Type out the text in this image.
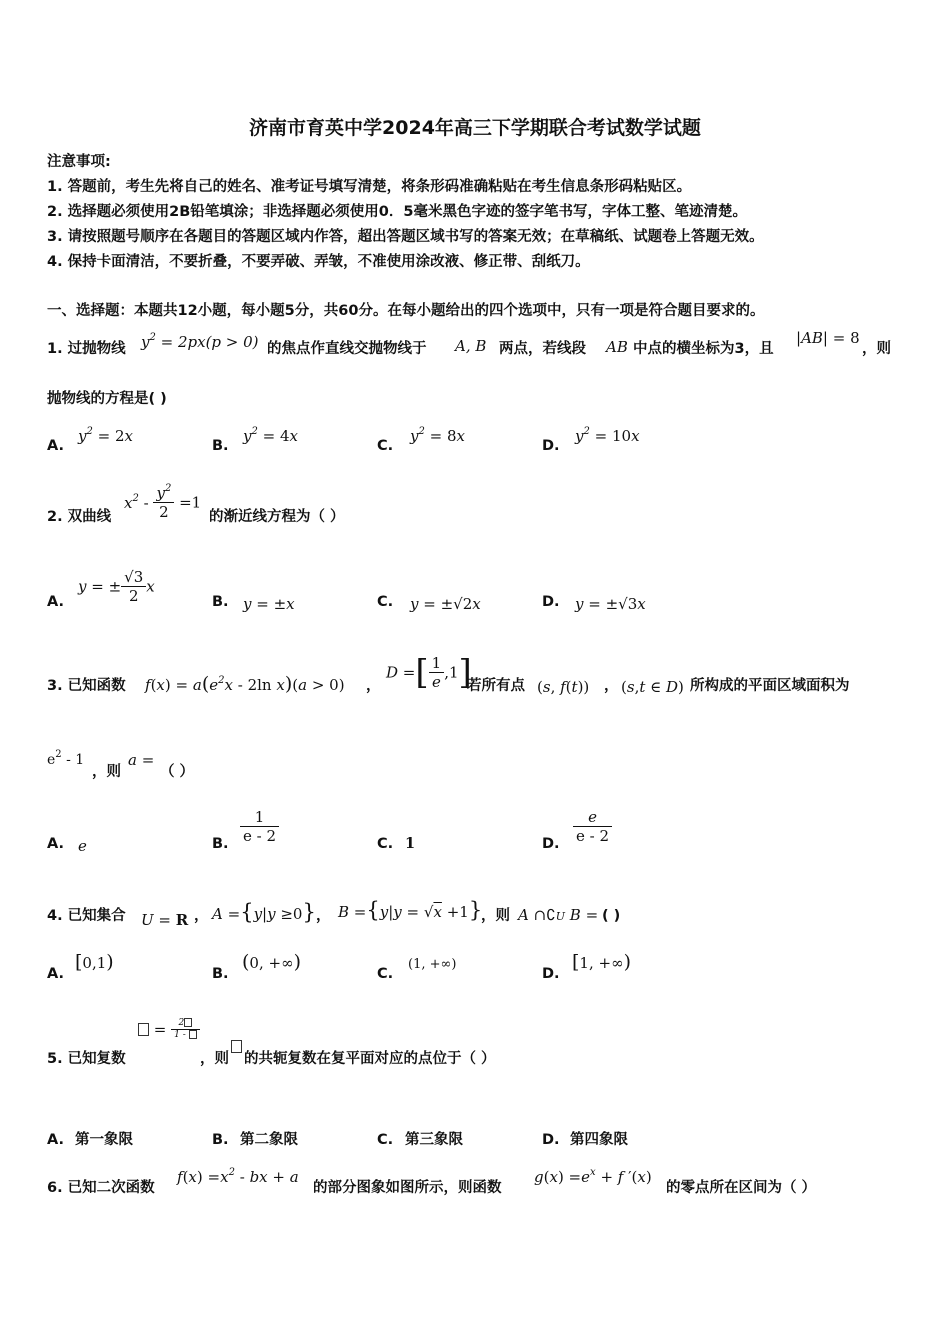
济南市育英中学2024年高三下学期联合考试数学试题
注意事项:
1. 答题前，考生先将自己的姓名、准考证号填写清楚，将条形码准确粘贴在考生信息条形码粘贴区。
2. 选择题必须使用2B铅笔填涂；非选择题必须使用0．5毫米黑色字迹的签字笔书写，字体工整、笔迹清楚。
3. 请按照题号顺序在各题目的答题区域内作答，超出答题区域书写的答案无效；在草稿纸、试题卷上答题无效。
4. 保持卡面清洁，不要折叠，不要弄破、弄皱，不准使用涂改液、修正带、刮纸刀。
一、选择题：本题共12小题，每小题5分，共60分。在每小题给出的四个选项中，只有一项是符合题目要求的。
1. 过抛物线 $y^2 = 2px(p > 0)$ 的焦点作直线交抛物线于 A, B 两点，若线段 AB 中点的横坐标为3，且
|AB| = 8
，则
抛物线的方程是( )
A.
$y^2 = 2x$
B.
$y^2 = 4x$
C.
$y^2 = 8x$
D.
$y^2 = 10x$
2. 双曲线
$x^2 - \frac{y^2}{2} =1$
的渐近线方程为（ ）
A.
y = ± $\frac{√3}{2}$ x
B. y = ±x	C. y = ±√2x	D. y = ±√3x
3. 已知函数 $f(x) = a(e^2x - 2\ln$ x)(a > 0) ，
D =[ $\frac{1}{e} ,1$]
若所有点 (s, f(t)) ， (s,t ∈ D) 所构成的平面区域面积为
$e^2 - 1$
，则
a =
（ ）
A. e	B. $\frac{1}{e - 2}$	C. 1	D. $\frac{e}{e - 2}$
4. 已知集合 U = R ， A ={y|y ≥0} ， B ={y|y = √x +1}
，则 A ∩∁U B = ( )
A.
[0,1)
B.
(0, +∞)
C.
(1, +∞)
D.
[1, +∞)
5. 已知复数
= $\frac{2}{1 -}$
，则 的共轭复数在复平面对应的点位于（ ）
A. 第一象限	B. 第二象限	C. 第三象限	D. 第四象限
6. 已知二次函数
$f(x) =x^2$ - bx + a
的部分图象如图所示，则函数
$g(x) =e^x + f$ ′(x)
的零点所在区间为（ ）
